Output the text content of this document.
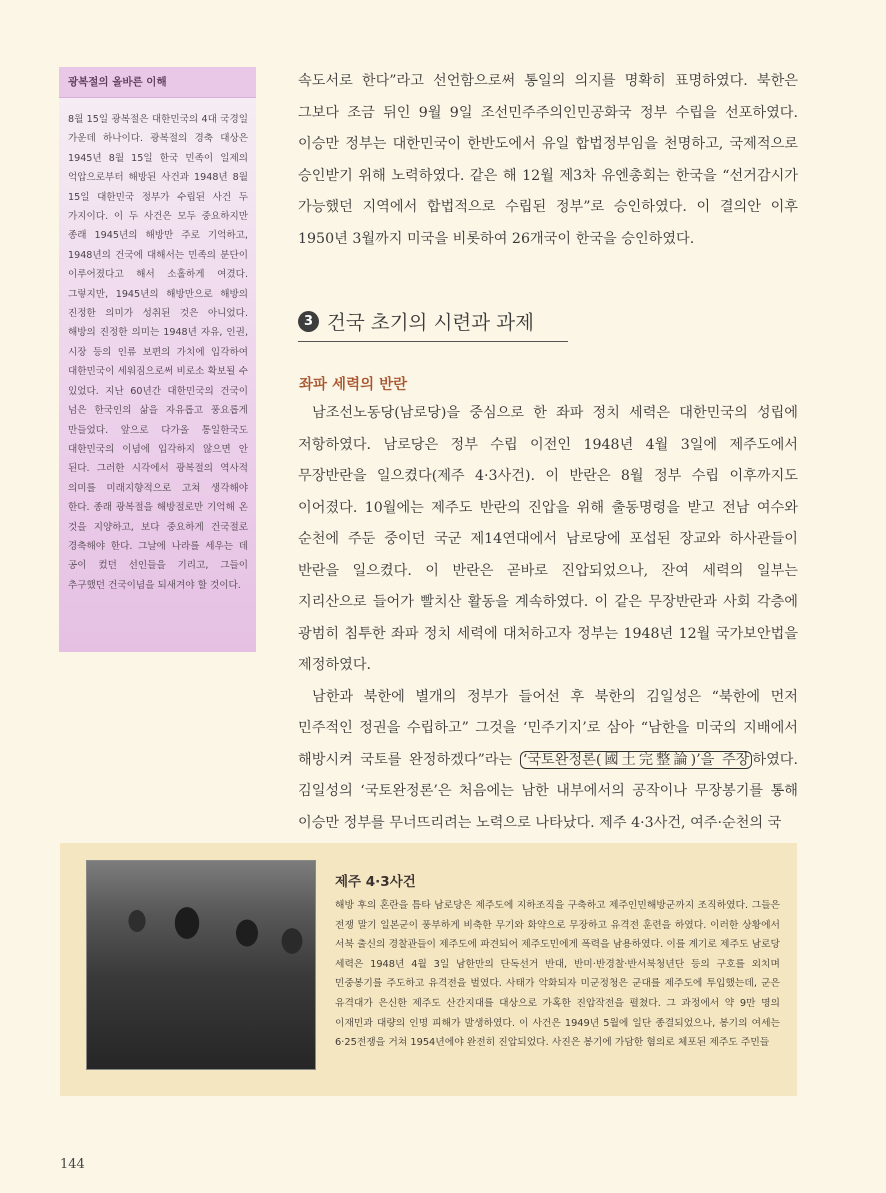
광복절의 올바른 이해
8월 15일 광복절은 대한민국의 4대 국경일 가운데 하나이다. 광복절의 경축 대상은 1945년 8월 15일 한국 민족이 일제의 억압으로부터 해방된 사건과 1948년 8월 15일 대한민국 정부가 수립된 사건 두 가지이다. 이 두 사건은 모두 중요하지만 종래 1945년의 해방만 주로 기억하고, 1948년의 건국에 대해서는 민족의 분단이 이루어졌다고 해서 소홀하게 여겼다. 그렇지만, 1945년의 해방만으로 해방의 진정한 의미가 성취된 것은 아니었다. 해방의 진정한 의미는 1948년 자유, 인권, 시장 등의 인류 보편의 가치에 입각하여 대한민국이 세워짐으로써 비로소 확보될 수 있었다. 지난 60년간 대한민국의 건국이 넘은 한국인의 삶을 자유롭고 풍요롭게 만들었다. 앞으로 다가올 통일한국도 대한민국의 이념에 입각하지 않으면 안 된다. 그러한 시각에서 광복절의 역사적 의미를 미래지향적으로 고쳐 생각해야 한다. 종래 광복절을 해방절로만 기억해 온 것을 지양하고, 보다 중요하게 건국절로 경축해야 한다. 그날에 나라를 세우는 데 공이 컸던 선인들을 기리고, 그들이 추구했던 건국이념을 되새겨야 할 것이다.

속도서로 한다”라고 선언함으로써 통일의 의지를 명확히 표명하였다. 북한은 그보다 조금 뒤인 9월 9일 조선민주주의인민공화국 정부 수립을 선포하였다. 이승만 정부는 대한민국이 한반도에서 유일 합법정부임을 천명하고, 국제적으로 승인받기 위해 노력하였다. 같은 해 12월 제3차 유엔총회는 한국을 “선거감시가 가능했던 지역에서 합법적으로 수립된 정부”로 승인하였다. 이 결의안 이후 1950년 3월까지 미국을 비롯하여 26개국이 한국을 승인하였다.

3 건국 초기의 시련과 과제
좌파 세력의 반란

남조선노동당(남로당)을 중심으로 한 좌파 정치 세력은 대한민국의 성립에 저항하였다. 남로당은 정부 수립 이전인 1948년 4월 3일에 제주도에서 무장반란을 일으켰다(제주 4·3사건). 이 반란은 8월 정부 수립 이후까지도 이어졌다. 10월에는 제주도 반란의 진압을 위해 출동명령을 받고 전남 여수와 순천에 주둔 중이던 국군 제14연대에서 남로당에 포섭된 장교와 하사관들이 반란을 일으켰다. 이 반란은 곧바로 진압되었으나, 잔여 세력의 일부는 지리산으로 들어가 빨치산 활동을 계속하였다. 이 같은 무장반란과 사회 각층에 광범히 침투한 좌파 정치 세력에 대처하고자 정부는 1948년 12월 국가보안법을 제정하였다.

남한과 북한에 별개의 정부가 들어선 후 북한의 김일성은 “북한에 먼저 민주적인 정권을 수립하고” 그것을 ‘민주기지’로 삼아 “남한을 미국의 지배에서 해방시켜 국토를 완정하겠다”라는 ‘국토완정론(國土完整論)’을 주장 하였다. 김일성의 ‘국토완정론’은 처음에는 남한 내부에서의 공작이나 무장봉기를 통해 이승만 정부를 무너뜨리려는 노력으로 나타났다. 제주 4·3사건, 여주·순천의 국

제주 4·3사건
해방 후의 혼란을 틈타 남로당은 제주도에 지하조직을 구축하고 제주인민해방군까지 조직하였다. 그들은 전쟁 말기 일본군이 풍부하게 비축한 무기와 화약으로 무장하고 유격전 훈련을 하였다. 이러한 상황에서 서북 출신의 경찰관들이 제주도에 파견되어 제주도민에게 폭력을 남용하였다. 이를 계기로 제주도 남로당 세력은 1948년 4월 3일 남한만의 단독선거 반대, 반미·반경찰·반서북청년단 등의 구호를 외치며 민중봉기를 주도하고 유격전을 벌였다. 사태가 악화되자 미군정청은 군대를 제주도에 투입했는데, 군은 유격대가 은신한 제주도 산간지대를 대상으로 가혹한 진압작전을 펼쳤다. 그 과정에서 약 9만 명의 이재민과 대량의 인명 피해가 발생하였다. 이 사건은 1949년 5월에 일단 종결되었으나, 봉기의 여세는 6·25전쟁을 거쳐 1954년에야 완전히 진압되었다. 사진은 봉기에 가담한 혐의로 체포된 제주도 주민들
144
